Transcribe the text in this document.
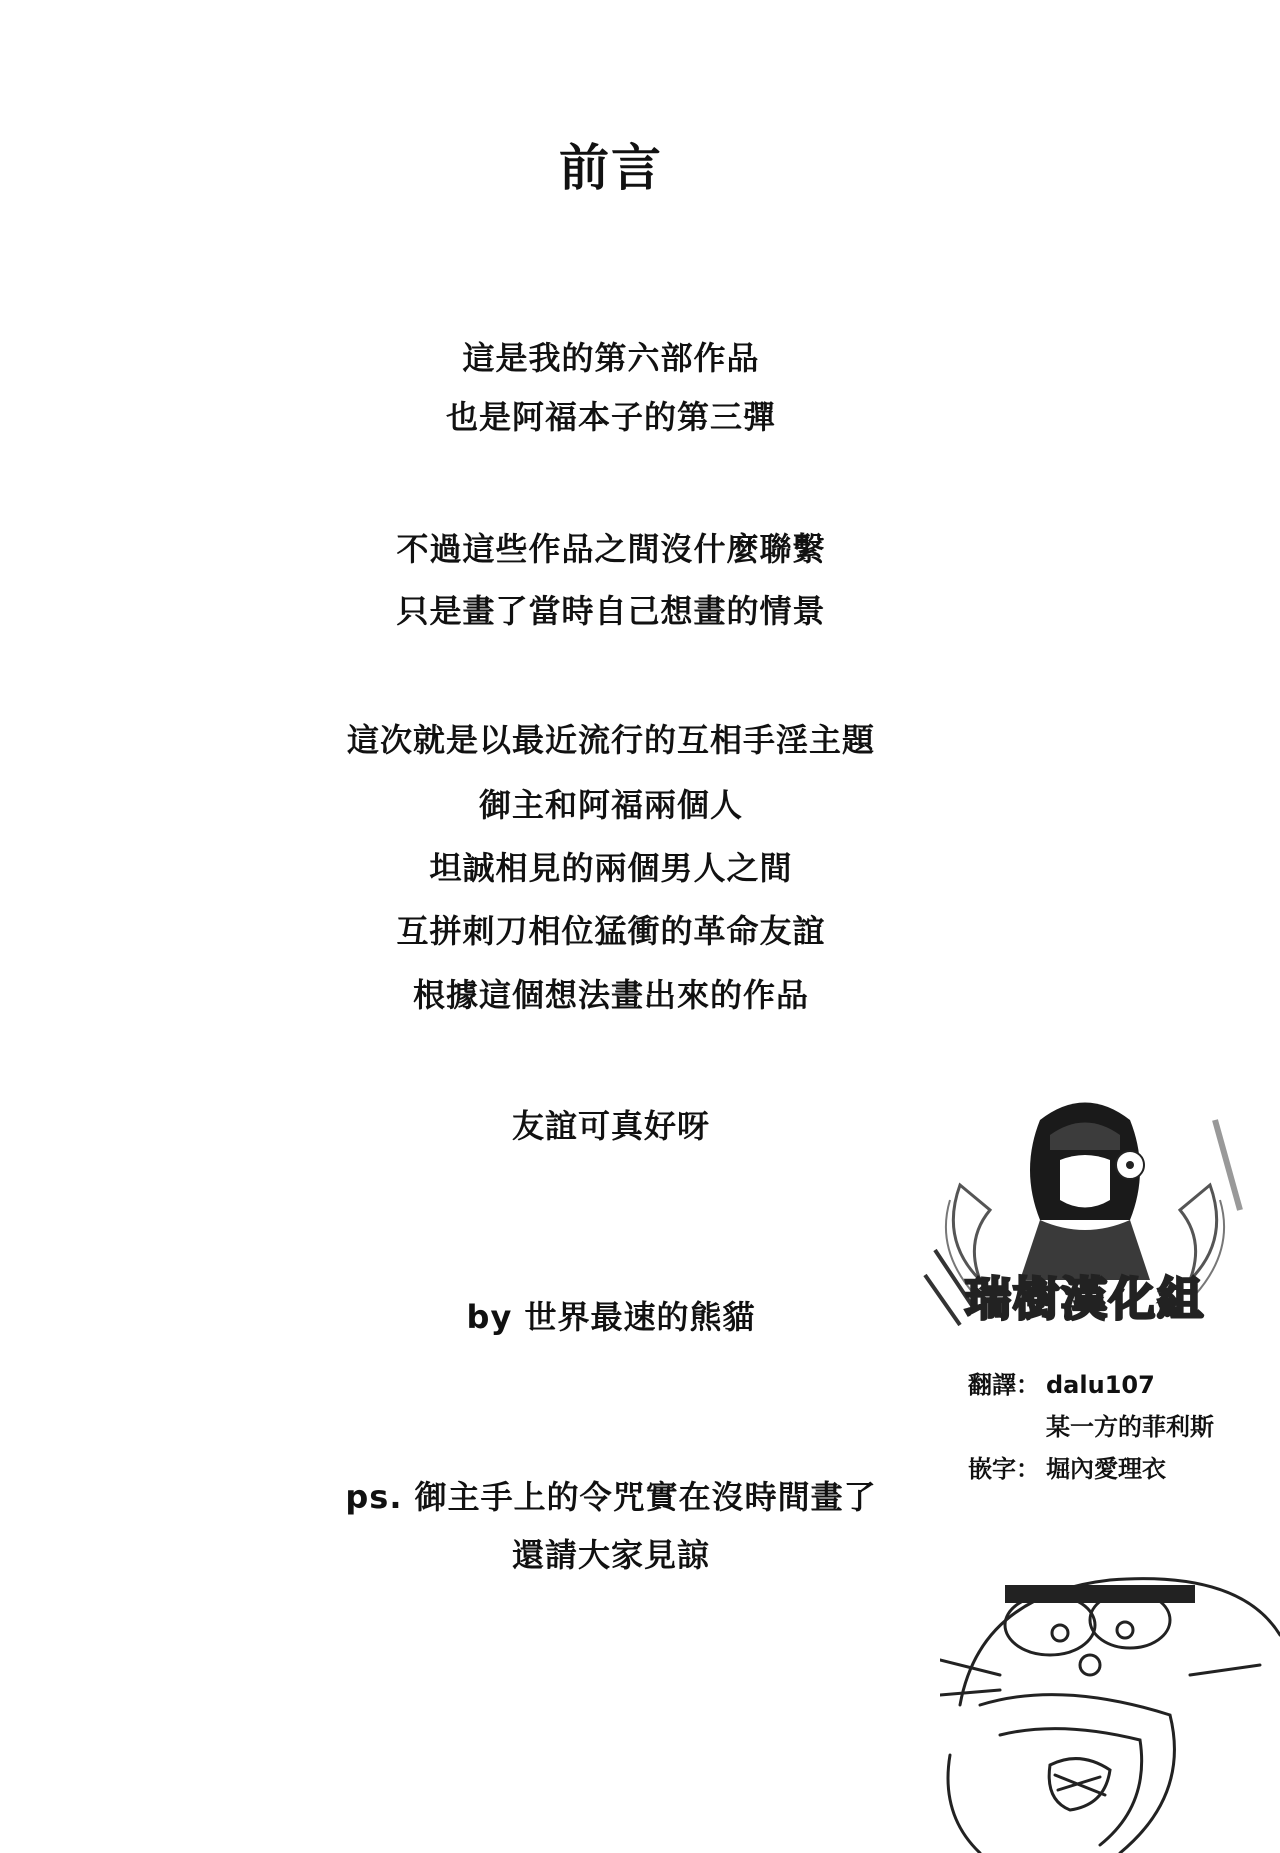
前言
這是我的第六部作品
也是阿福本子的第三彈
不過這些作品之間沒什麼聯繫
只是畫了當時自己想畫的情景
這次就是以最近流行的互相手淫主題
御主和阿福兩個人
坦誠相見的兩個男人之間
互拼刺刀相位猛衝的革命友誼
根據這個想法畫出來的作品
友誼可真好呀
by 世界最速的熊貓
ps. 御主手上的令咒實在沒時間畫了
還請大家見諒
瑞樹漢化組
翻譯： dalu107
某一方的菲利斯
嵌字： 堀內愛理衣
